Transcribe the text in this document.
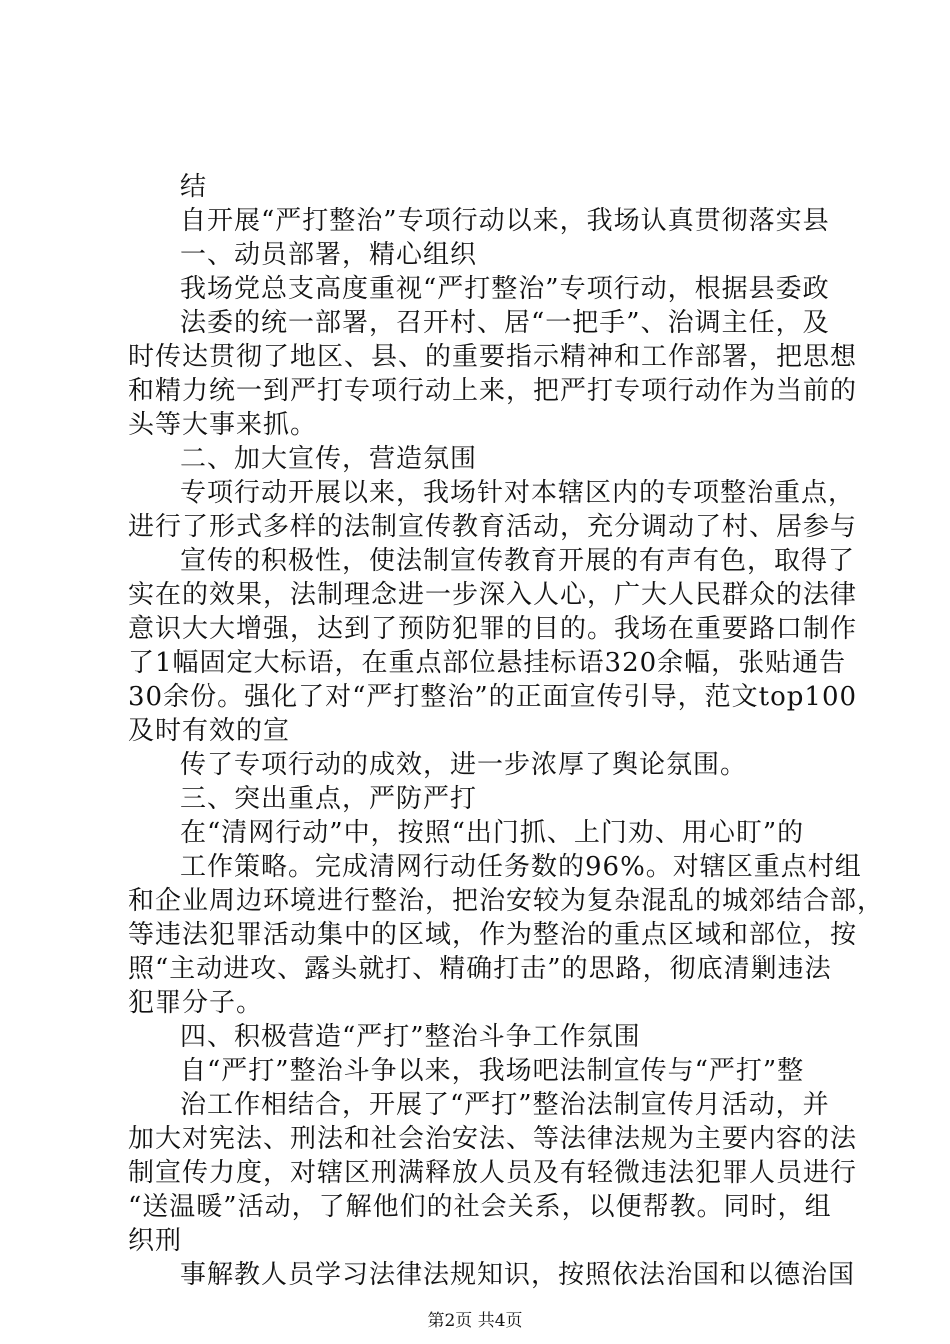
结
自开展“严打整治”专项行动以来，我场认真贯彻落实县
一、动员部署，精心组织
我场党总支高度重视“严打整治”专项行动，根据县委政
法委的统一部署，召开村、居“一把手”、治调主任，及
时传达贯彻了地区、县、的重要指示精神和工作部署，把思想
和精力统一到严打专项行动上来，把严打专项行动作为当前的
头等大事来抓。
二、加大宣传，营造氛围
专项行动开展以来，我场针对本辖区内的专项整治重点，
进行了形式多样的法制宣传教育活动，充分调动了村、居参与
宣传的积极性，使法制宣传教育开展的有声有色，取得了
实在的效果，法制理念进一步深入人心，广大人民群众的法律
意识大大增强，达到了预防犯罪的目的。我场在重要路口制作
了1幅固定大标语，在重点部位悬挂标语320余幅，张贴通告
30余份。强化了对“严打整治”的正面宣传引导，范文top100
及时有效的宣
传了专项行动的成效，进一步浓厚了舆论氛围。
三、突出重点，严防严打
在“清网行动”中，按照“出门抓、上门劝、用心盯”的
工作策略。完成清网行动任务数的96%。对辖区重点村组
和企业周边环境进行整治，把治安较为复杂混乱的城郊结合部，
等违法犯罪活动集中的区域，作为整治的重点区域和部位，按
照“主动进攻、露头就打、精确打击”的思路，彻底清剿违法
犯罪分子。
四、积极营造“严打”整治斗争工作氛围
自“严打”整治斗争以来，我场吧法制宣传与“严打”整
治工作相结合，开展了“严打”整治法制宣传月活动，并
加大对宪法、刑法和社会治安法、等法律法规为主要内容的法
制宣传力度，对辖区刑满释放人员及有轻微违法犯罪人员进行
“送温暖”活动，了解他们的社会关系，以便帮教。同时，组
织刑
事解教人员学习法律法规知识，按照依法治国和以德治国
第2页 共4页
